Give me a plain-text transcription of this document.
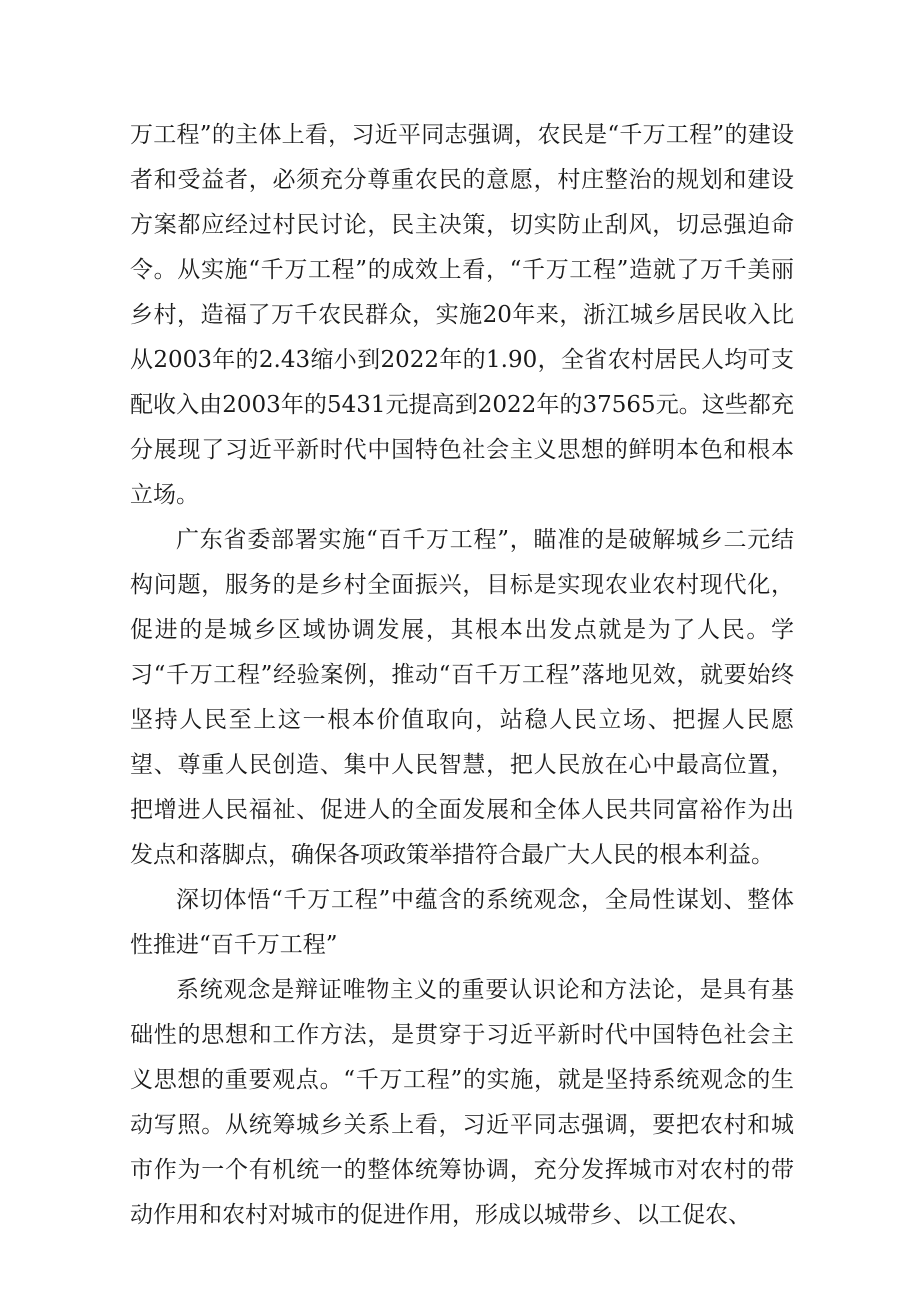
万工程”的主体上看，习近平同志强调，农民是“千万工程”的建设者和受益者，必须充分尊重农民的意愿，村庄整治的规划和建设方案都应经过村民讨论，民主决策，切实防止刮风，切忌强迫命令。从实施“千万工程”的成效上看，“千万工程”造就了万千美丽乡村，造福了万千农民群众，实施20年来，浙江城乡居民收入比从2003年的2.43缩小到2022年的1.90，全省农村居民人均可支配收入由2003年的5431元提高到2022年的37565元。这些都充分展现了习近平新时代中国特色社会主义思想的鲜明本色和根本立场。

广东省委部署实施“百千万工程”，瞄准的是破解城乡二元结构问题，服务的是乡村全面振兴，目标是实现农业农村现代化，促进的是城乡区域协调发展，其根本出发点就是为了人民。学习“千万工程”经验案例，推动“百千万工程”落地见效，就要始终坚持人民至上这一根本价值取向，站稳人民立场、把握人民愿望、尊重人民创造、集中人民智慧，把人民放在心中最高位置，把增进人民福祉、促进人的全面发展和全体人民共同富裕作为出发点和落脚点，确保各项政策举措符合最广大人民的根本利益。

深切体悟“千万工程”中蕴含的系统观念，全局性谋划、整体性推进“百千万工程”

系统观念是辩证唯物主义的重要认识论和方法论，是具有基础性的思想和工作方法，是贯穿于习近平新时代中国特色社会主义思想的重要观点。“千万工程”的实施，就是坚持系统观念的生动写照。从统筹城乡关系上看，习近平同志强调，要把农村和城市作为一个有机统一的整体统筹协调，充分发挥城市对农村的带动作用和农村对城市的促进作用，形成以城带乡、以工促农、
